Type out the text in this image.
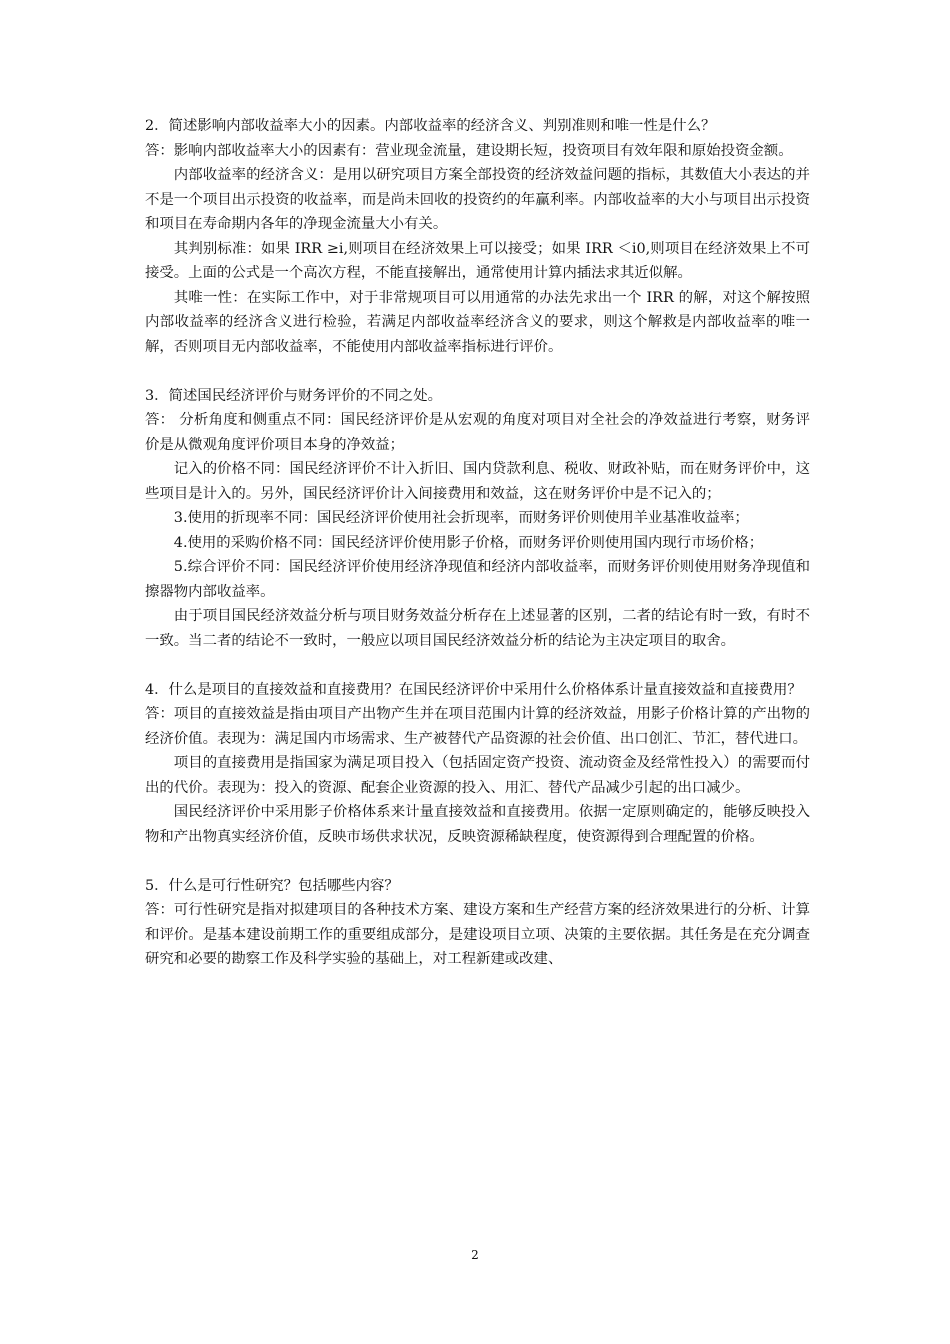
2．简述影响内部收益率大小的因素。内部收益率的经济含义、判别准则和唯一性是什么？

答：影响内部收益率大小的因素有：营业现金流量，建设期长短，投资项目有效年限和原始投资金额。

内部收益率的经济含义：是用以研究项目方案全部投资的经济效益问题的指标，其数值大小表达的并不是一个项目出示投资的收益率，而是尚未回收的投资约的年赢利率。内部收益率的大小与项目出示投资和项目在寿命期内各年的净现金流量大小有关。

其判别标准：如果 IRR ≥i,则项目在经济效果上可以接受；如果 IRR ＜i0,则项目在经济效果上不可接受。上面的公式是一个高次方程，不能直接解出，通常使用计算内插法求其近似解。

其唯一性：在实际工作中，对于非常规项目可以用通常的办法先求出一个 IRR 的解，对这个解按照内部收益率的经济含义进行检验，若满足内部收益率经济含义的要求，则这个解救是内部收益率的唯一解，否则项目无内部收益率，不能使用内部收益率指标进行评价。

3．简述国民经济评价与财务评价的不同之处。

答： 分析角度和侧重点不同：国民经济评价是从宏观的角度对项目对全社会的净效益进行考察，财务评价是从微观角度评价项目本身的净效益；

记入的价格不同：国民经济评价不计入折旧、国内贷款利息、税收、财政补贴，而在财务评价中，这些项目是计入的。另外，国民经济评价计入间接费用和效益，这在财务评价中是不记入的；

3.使用的折现率不同：国民经济评价使用社会折现率，而财务评价则使用羊业基准收益率；

4.使用的采购价格不同：国民经济评价使用影子价格，而财务评价则使用国内现行市场价格；

5.综合评价不同：国民经济评价使用经济净现值和经济内部收益率，而财务评价则使用财务净现值和擦器物内部收益率。

由于项目国民经济效益分析与项目财务效益分析存在上述显著的区别，二者的结论有时一致，有时不一致。当二者的结论不一致时，一般应以项目国民经济效益分析的结论为主决定项目的取舍。

4．什么是项目的直接效益和直接费用？在国民经济评价中采用什么价格体系计量直接效益和直接费用？

答：项目的直接效益是指由项目产出物产生并在项目范围内计算的经济效益，用影子价格计算的产出物的经济价值。表现为：满足国内市场需求、生产被替代产品资源的社会价值、出口创汇、节汇，替代进口。

项目的直接费用是指国家为满足项目投入（包括固定资产投资、流动资金及经常性投入）的需要而付出的代价。表现为：投入的资源、配套企业资源的投入、用汇、替代产品减少引起的出口减少。

国民经济评价中采用影子价格体系来计量直接效益和直接费用。依据一定原则确定的，能够反映投入物和产出物真实经济价值，反映市场供求状况，反映资源稀缺程度，使资源得到合理配置的价格。

5．什么是可行性研究？包括哪些内容？

答：可行性研究是指对拟建项目的各种技术方案、建设方案和生产经营方案的经济效果进行的分析、计算和评价。是基本建设前期工作的重要组成部分，是建设项目立项、决策的主要依据。其任务是在充分调查研究和必要的勘察工作及科学实验的基础上，对工程新建或改建、

2
